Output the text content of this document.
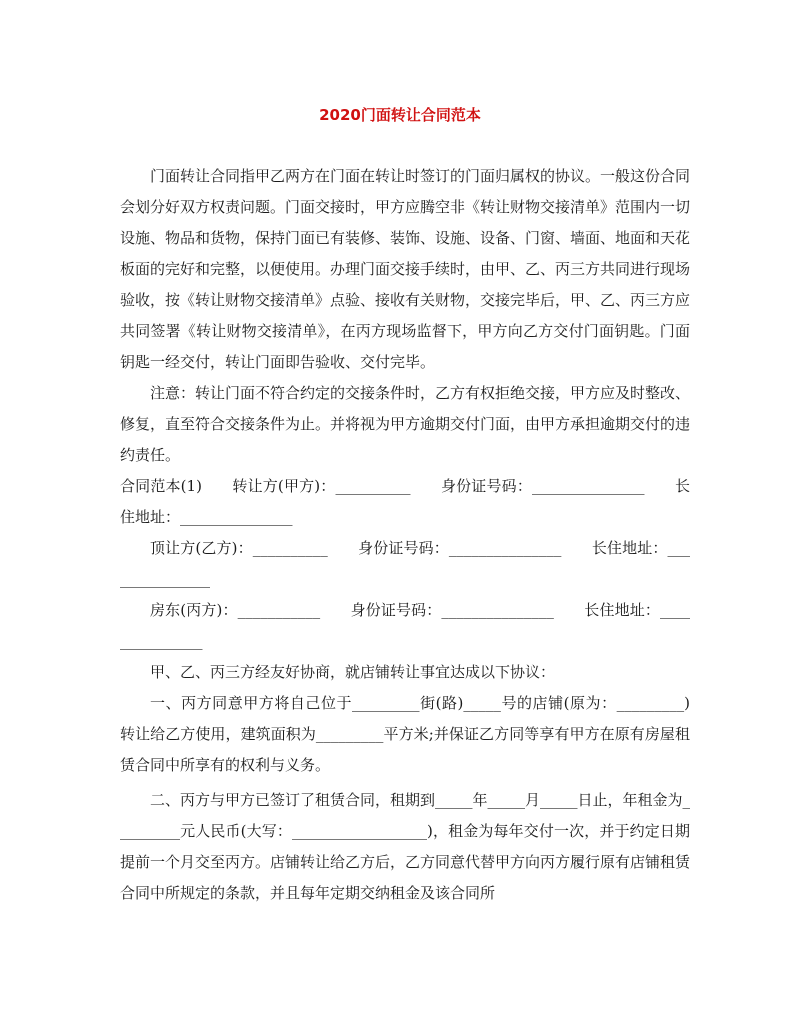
2020门面转让合同范本

门面转让合同指甲乙两方在门面在转让时签订的门面归属权的协议。一般这份合同会划分好双方权责问题。门面交接时，甲方应腾空非《转让财物交接清单》范围内一切设施、物品和货物，保持门面已有装修、装饰、设施、设备、门窗、墙面、地面和天花板面的完好和完整，以便使用。办理门面交接手续时，由甲、乙、丙三方共同进行现场验收，按《转让财物交接清单》点验、接收有关财物，交接完毕后，甲、乙、丙三方应共同签署《转让财物交接清单》，在丙方现场监督下，甲方向乙方交付门面钥匙。门面钥匙一经交付，转让门面即告验收、交付完毕。

注意：转让门面不符合约定的交接条件时，乙方有权拒绝交接，甲方应及时整改、修复，直至符合交接条件为止。并将视为甲方逾期交付门面，由甲方承担逾期交付的违约责任。

合同范本(1)　　转让方(甲方)：__________　　身份证号码：_______________　　长住地址：_______________

顶让方(乙方)：__________　　身份证号码：_______________　　长住地址：_______________

房东(丙方)：___________　　身份证号码：_______________　　长住地址：_______________

甲、乙、丙三方经友好协商，就店铺转让事宜达成以下协议：

一、丙方同意甲方将自己位于_________街(路)_____号的店铺(原为：_________)转让给乙方使用，建筑面积为_________平方米;并保证乙方同等享有甲方在原有房屋租赁合同中所享有的权利与义务。

二、丙方与甲方已签订了租赁合同，租期到_____年_____月_____日止，年租金为_________元人民币(大写：__________________)，租金为每年交付一次，并于约定日期提前一个月交至丙方。店铺转让给乙方后，乙方同意代替甲方向丙方履行原有店铺租赁合同中所规定的条款，并且每年定期交纳租金及该合同所
